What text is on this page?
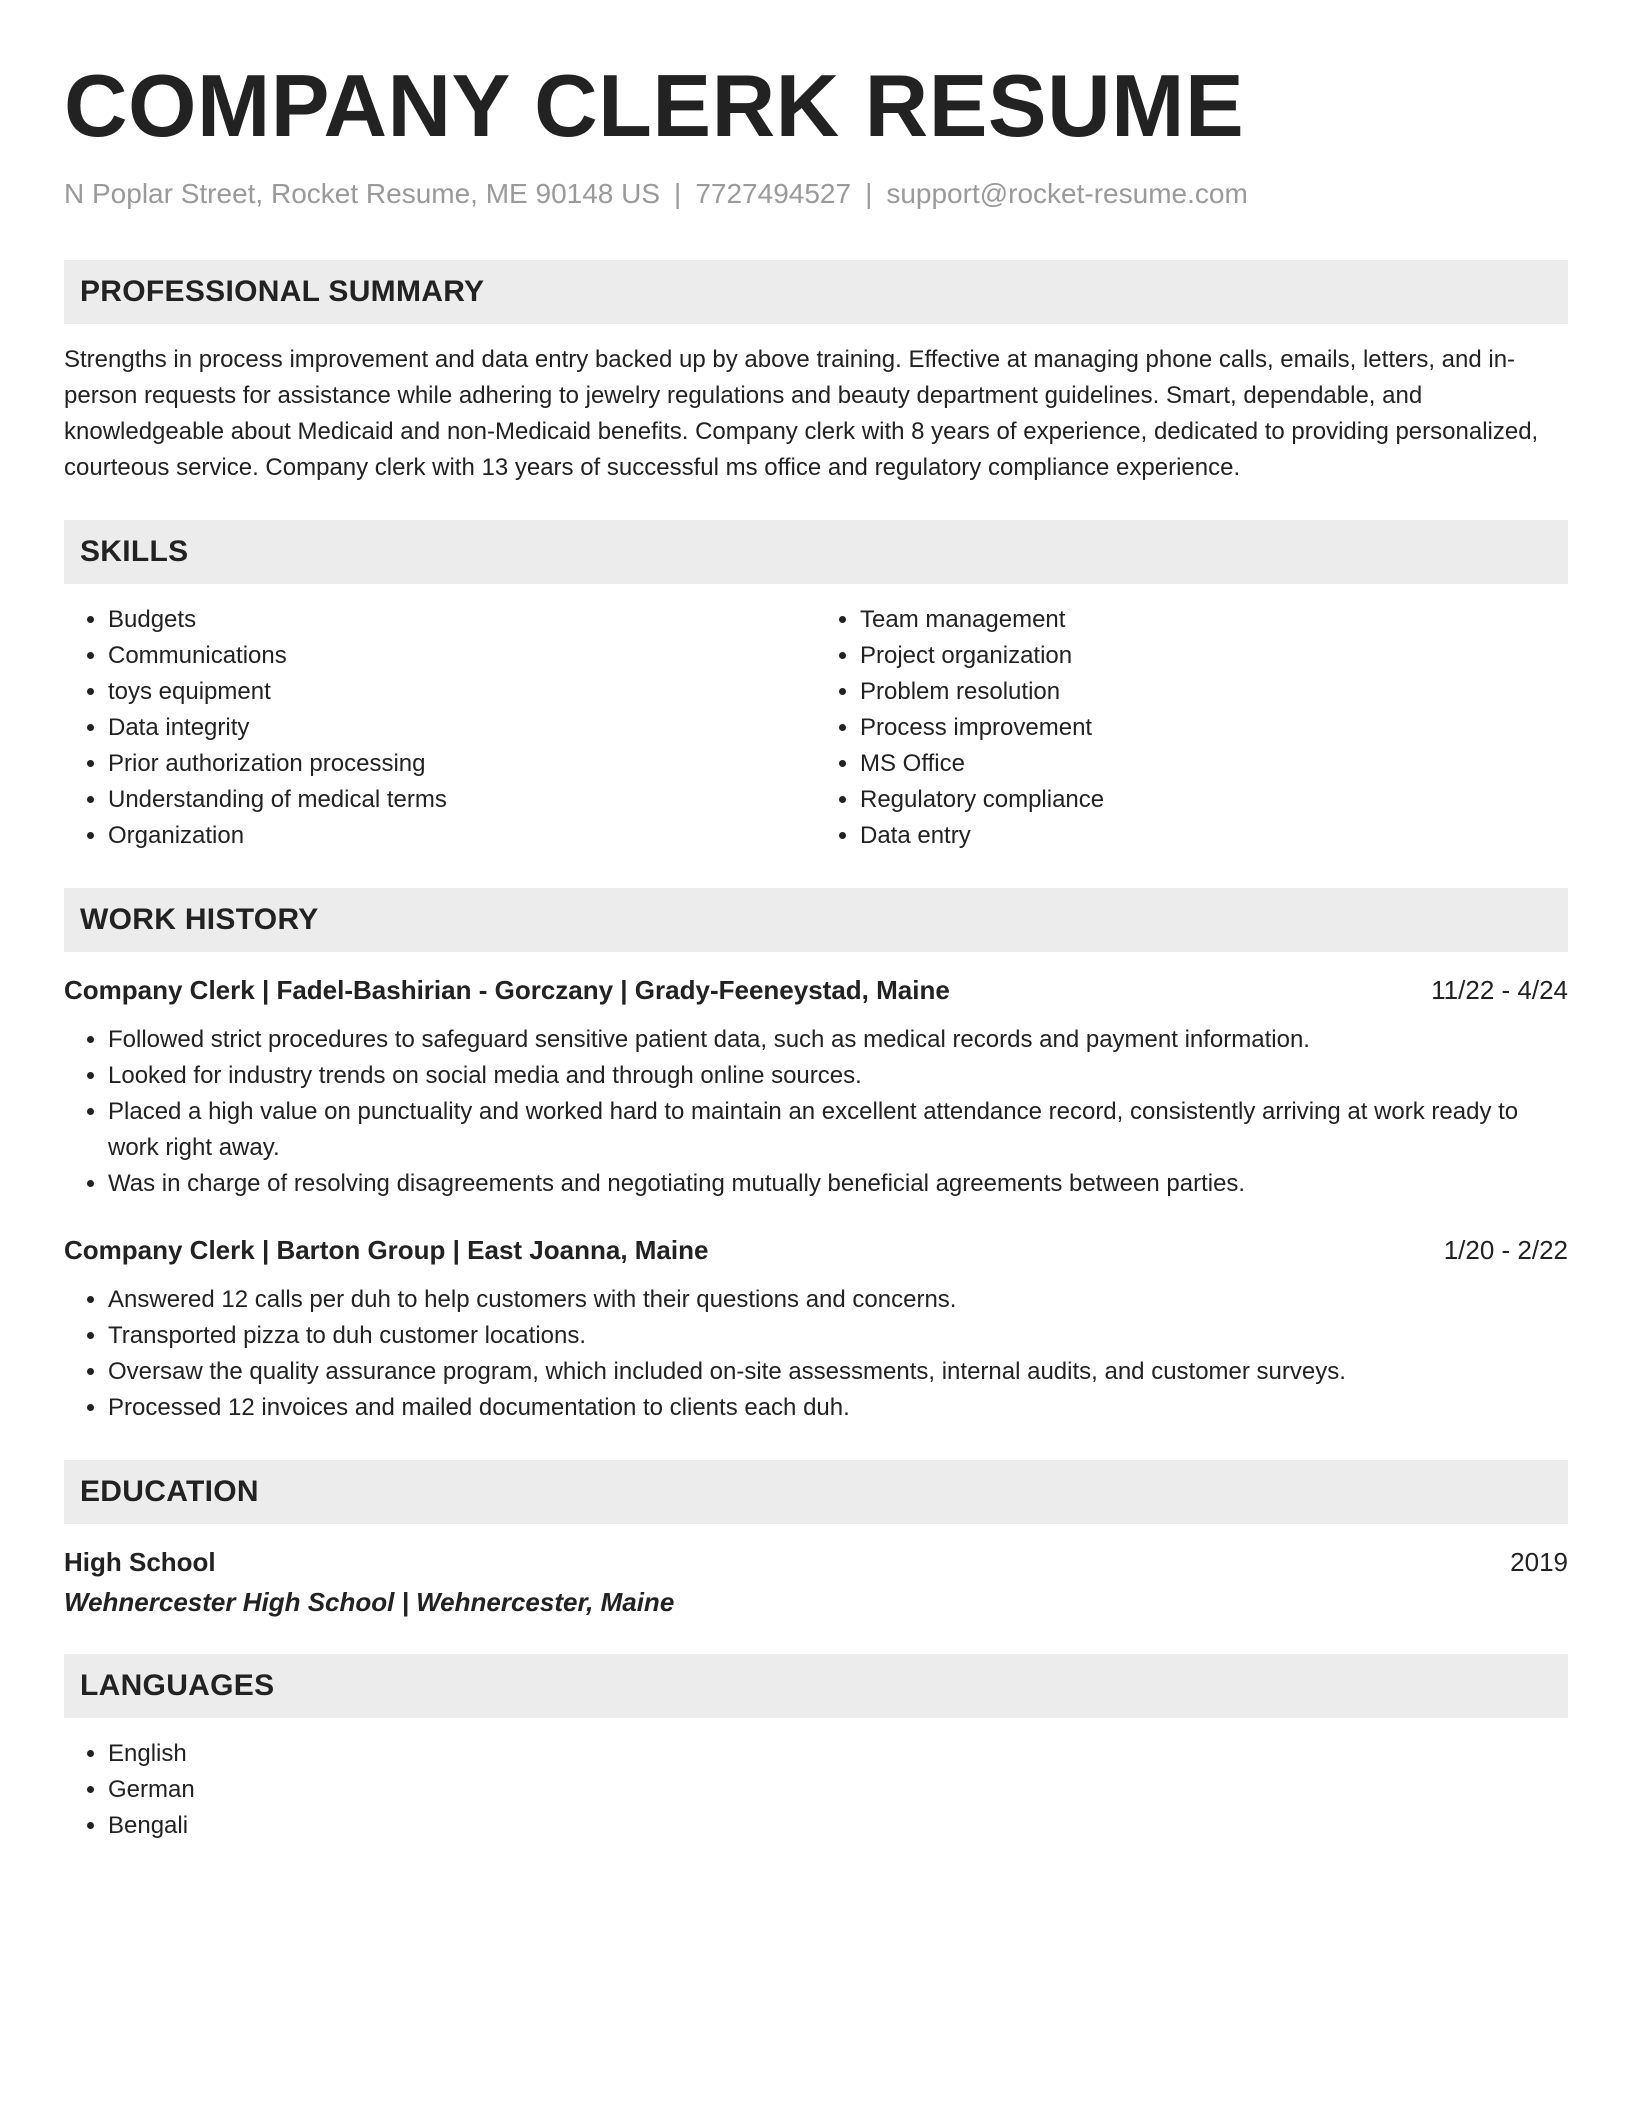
COMPANY CLERK RESUME
N Poplar Street, Rocket Resume, ME 90148 US | 7727494527 | support@rocket-resume.com
PROFESSIONAL SUMMARY

Strengths in process improvement and data entry backed up by above training. Effective at managing phone calls, emails, letters, and in-person requests for assistance while adhering to jewelry regulations and beauty department guidelines. Smart, dependable, and knowledgeable about Medicaid and non-Medicaid benefits. Company clerk with 8 years of experience, dedicated to providing personalized, courteous service. Company clerk with 13 years of successful ms office and regulatory compliance experience.

SKILLS
• Budgets
• Communications
• toys equipment
• Data integrity
• Prior authorization processing
• Understanding of medical terms
• Organization
• Team management
• Project organization
• Problem resolution
• Process improvement
• MS Office
• Regulatory compliance
• Data entry
WORK HISTORY
Company Clerk | Fadel-Bashirian - Gorczany | Grady-Feeneystad, Maine	11/22 - 4/24
• Followed strict procedures to safeguard sensitive patient data, such as medical records and payment information.
• Looked for industry trends on social media and through online sources.
• Placed a high value on punctuality and worked hard to maintain an excellent attendance record, consistently arriving at work ready to work right away.
• Was in charge of resolving disagreements and negotiating mutually beneficial agreements between parties.
Company Clerk | Barton Group | East Joanna, Maine	1/20 - 2/22
• Answered 12 calls per duh to help customers with their questions and concerns.
• Transported pizza to duh customer locations.
• Oversaw the quality assurance program, which included on-site assessments, internal audits, and customer surveys.
• Processed 12 invoices and mailed documentation to clients each duh.
EDUCATION
High School	2019
Wehnercester High School | Wehnercester, Maine
LANGUAGES
• English
• German
• Bengali
